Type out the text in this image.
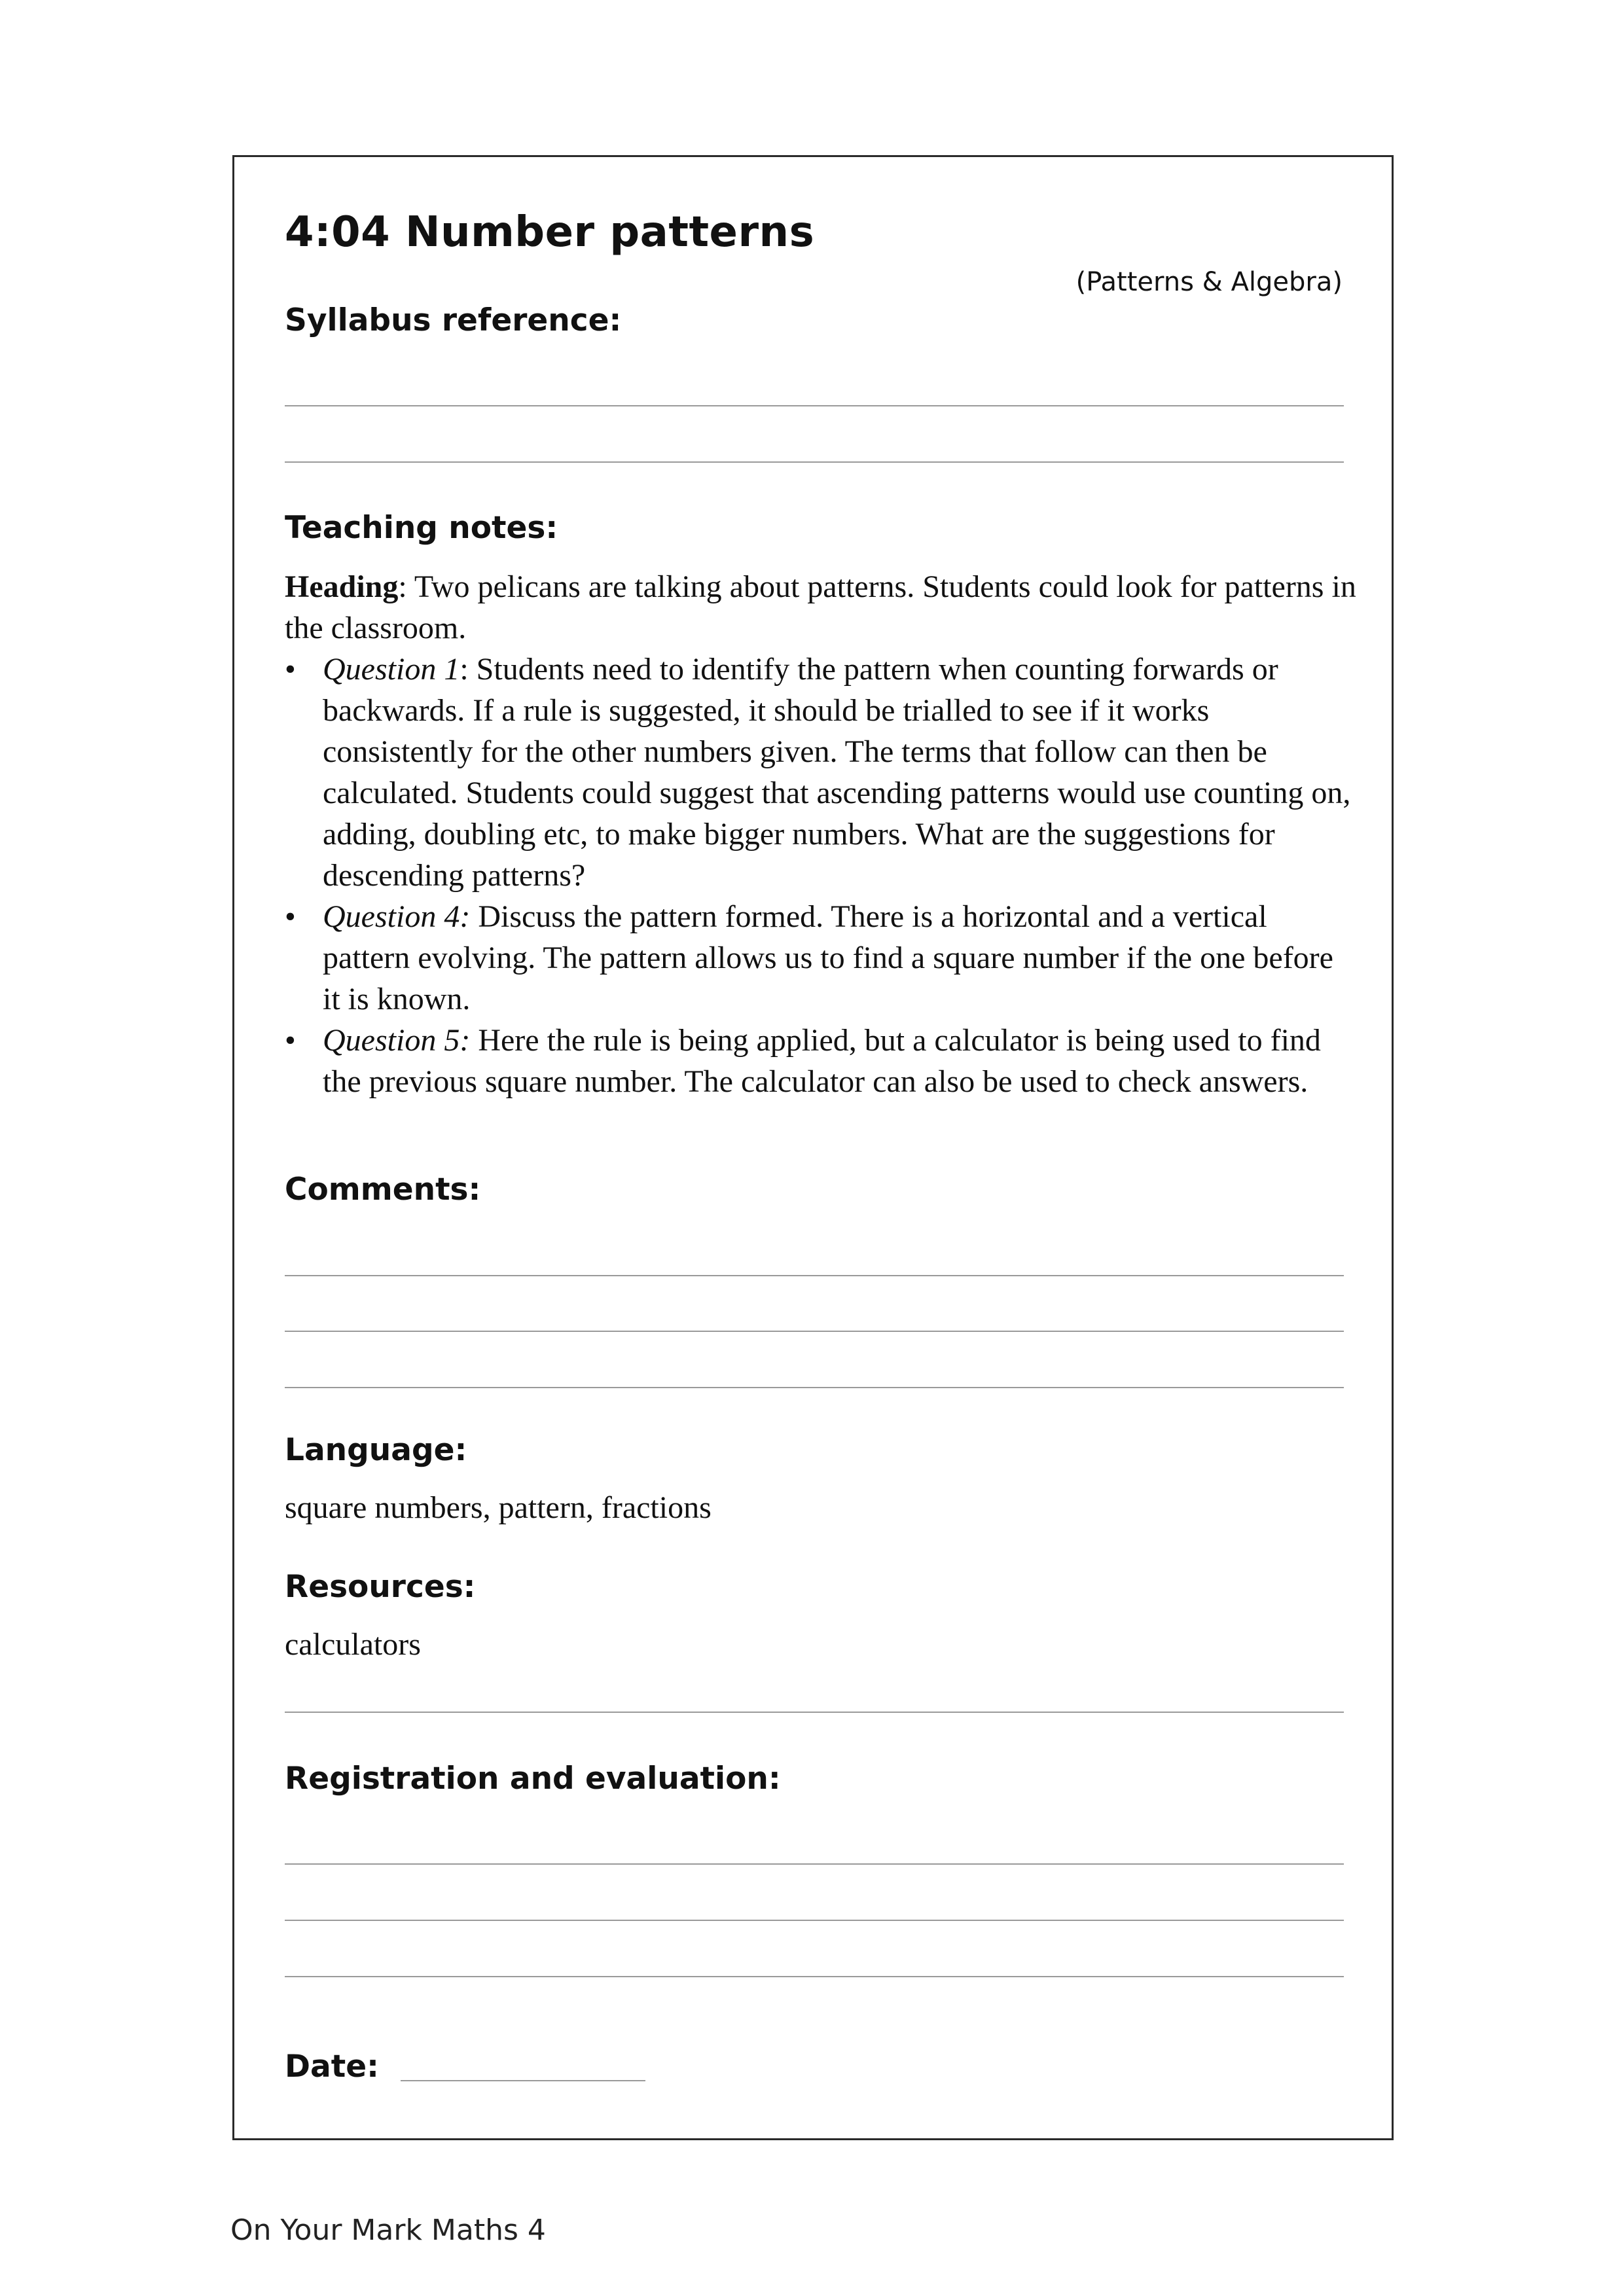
4:04 Number patterns
(Patterns & Algebra)
Syllabus reference:
Teaching notes:

Heading: Two pelicans are talking about patterns. Students could look for patterns in the classroom.

• Question 1: Students need to identify the pattern when counting forwards or backwards. If a rule is suggested, it should be trialled to see if it works consistently for the other numbers given. The terms that follow can then be calculated. Students could suggest that ascending patterns would use counting on, adding, doubling etc, to make bigger numbers. What are the suggestions for descending patterns?
• Question 4: Discuss the pattern formed. There is a horizontal and a vertical pattern evolving. The pattern allows us to find a square number if the one before it is known.
• Question 5: Here the rule is being applied, but a calculator is being used to find the previous square number. The calculator can also be used to check answers.
Comments:
Language:
square numbers, pattern, fractions
Resources:
calculators
Registration and evaluation:
Date:
On Your Mark Maths 4
